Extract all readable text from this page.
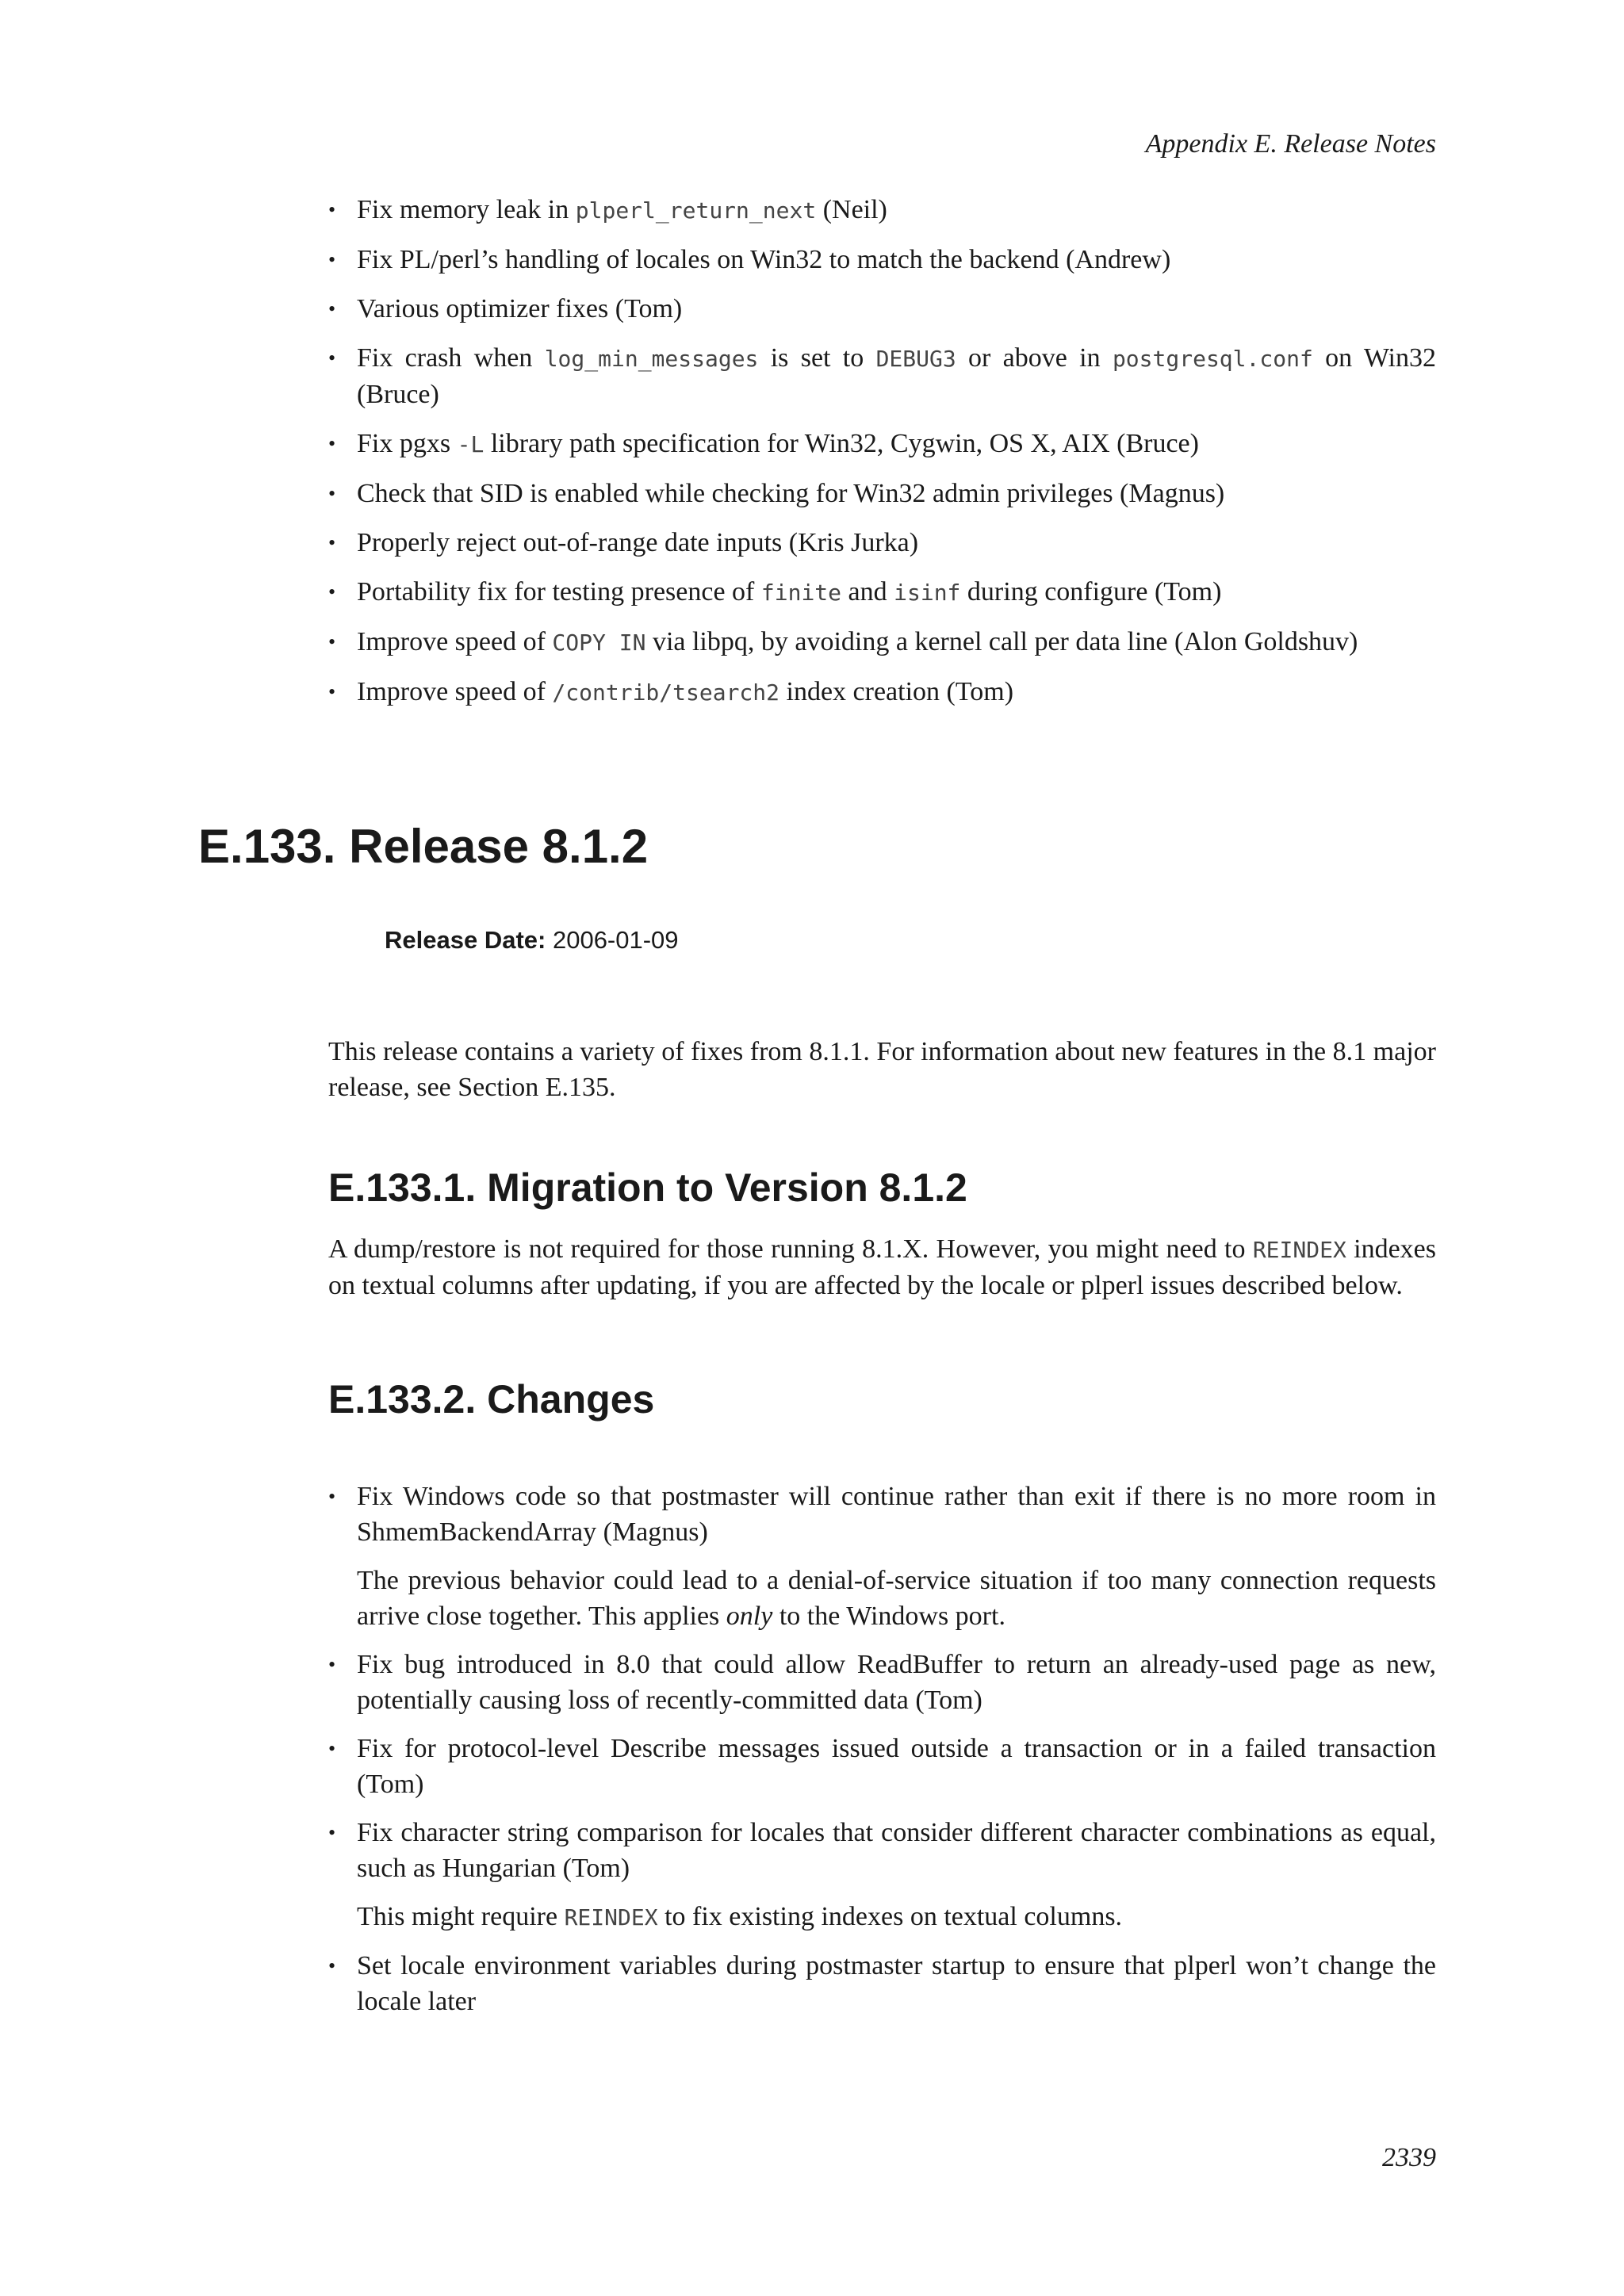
Appendix E. Release Notes
• Fix memory leak in plperl_return_next (Neil)
• Fix PL/perl’s handling of locales on Win32 to match the backend (Andrew)
• Various optimizer fixes (Tom)
• Fix crash when log_min_messages is set to DEBUG3 or above in postgresql.conf on Win32 (Bruce)
• Fix pgxs -L library path specification for Win32, Cygwin, OS X, AIX (Bruce)
• Check that SID is enabled while checking for Win32 admin privileges (Magnus)
• Properly reject out-of-range date inputs (Kris Jurka)
• Portability fix for testing presence of finite and isinf during configure (Tom)
• Improve speed of COPY IN via libpq, by avoiding a kernel call per data line (Alon Goldshuv)
• Improve speed of /contrib/tsearch2 index creation (Tom)
E.133. Release 8.1.2
Release Date: 2006-01-09

This release contains a variety of fixes from 8.1.1. For information about new features in the 8.1 major release, see Section E.135.

E.133.1. Migration to Version 8.1.2

A dump/restore is not required for those running 8.1.X. However, you might need to REINDEX indexes on textual columns after updating, if you are affected by the locale or plperl issues described below.

E.133.2. Changes
• Fix Windows code so that postmaster will continue rather than exit if there is no more room in ShmemBackendArray (Magnus)

The previous behavior could lead to a denial-of-service situation if too many connection requests arrive close together. This applies only to the Windows port.

• Fix bug introduced in 8.0 that could allow ReadBuffer to return an already-used page as new, potentially causing loss of recently-committed data (Tom)
• Fix for protocol-level Describe messages issued outside a transaction or in a failed transaction (Tom)
• Fix character string comparison for locales that consider different character combinations as equal, such as Hungarian (Tom)

This might require REINDEX to fix existing indexes on textual columns.

• Set locale environment variables during postmaster startup to ensure that plperl won’t change the locale later
2339
